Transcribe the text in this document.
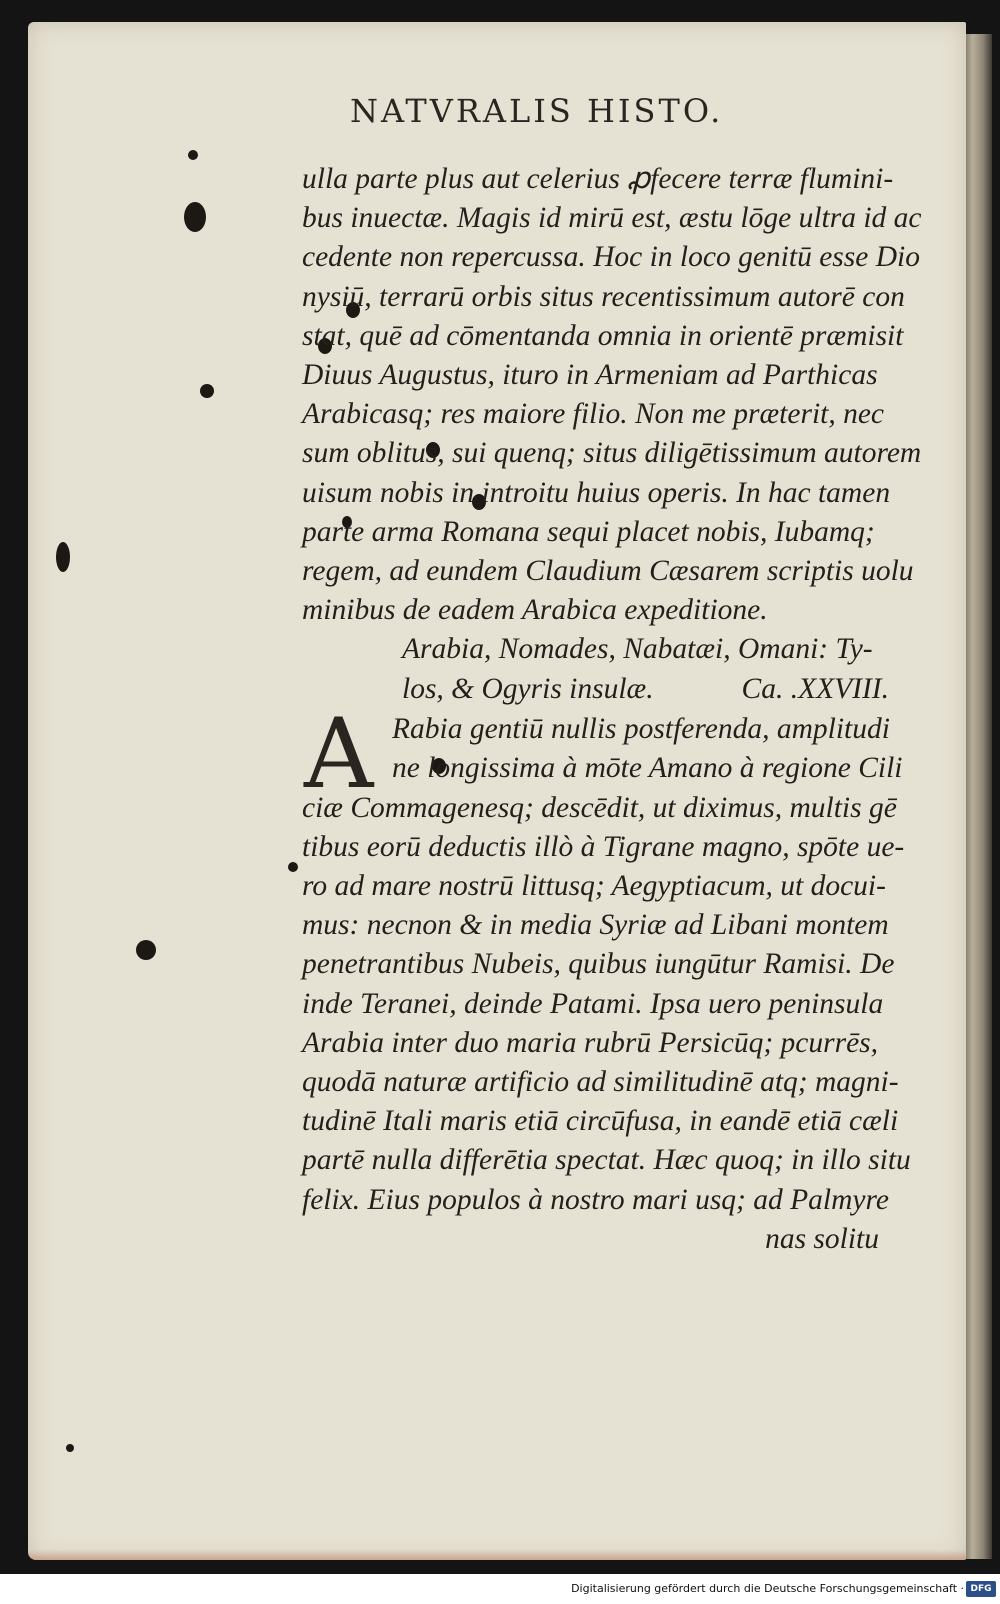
NATVRALIS HISTO.
ulla parte plus aut celerius ꝓfecere terræ flumini-
bus inuectæ. Magis id mirū est, æstu lōge ultra id ac
cedente non repercussa. Hoc in loco genitū esse Dio
nysiū, terrarū orbis situs recentissimum autorē con
stat, quē ad cōmentanda omnia in orientē præmisit
Diuus Augustus, ituro in Armeniam ad Parthicas
Arabicasq; res maiore filio. Non me præterit, nec
sum oblitus, sui quenq; situs diligētissimum autorem
uisum nobis in introitu huius operis. In hac tamen
parte arma Romana sequi placet nobis, Iubamq;
regem, ad eundem Claudium Cæsarem scriptis uolu
minibus de eadem Arabica expeditione.
Arabia, Nomades, Nabatæi, Omani: Ty-
los, & Ogyris insulæ.	Ca. .XXVIII.
A Rabia gentiū nullis postferenda, amplitudi
ne longissima à mōte Amano à regione Cili
ciæ Commagenesq; descēdit, ut diximus, multis gē
tibus eorū deductis illò à Tigrane magno, spōte ue-
ro ad mare nostrū littusq; Aegyptiacum, ut docui-
mus: necnon & in media Syriæ ad Libani montem
penetrantibus Nubeis, quibus iungūtur Ramisi. De
inde Teranei, deinde Patami. Ipsa uero peninsula
Arabia inter duo maria rubrū Persicūq; pcurrēs,
quodā naturæ artificio ad similitudinē atq; magni-
tudinē Itali maris etiā circūfusa, in eandē etiā cæli
partē nulla differētia spectat. Hæc quoq; in illo situ
felix. Eius populos à nostro mari usq; ad Palmyre
nas solitu
Digitalisierung gefördert durch die Deutsche Forschungsgemeinschaft · DFG
